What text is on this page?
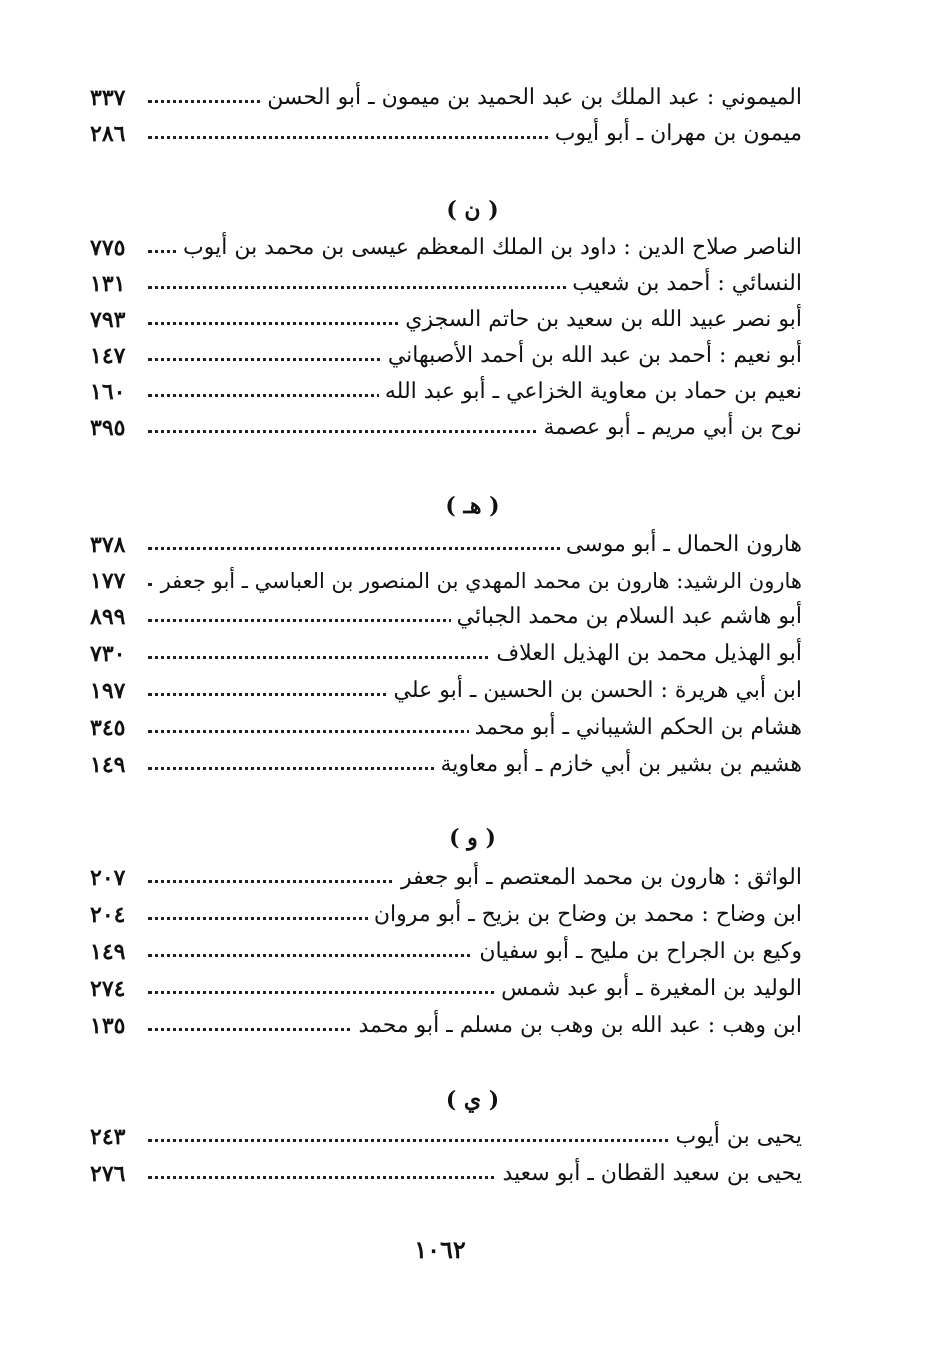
الميموني : عبد الملك بن عبد الحميد بن ميمون ـ أبو الحسن
٣٣٧
ميمون بن مهران ـ أبو أيوب
٢٨٦
( ن )
الناصر صلاح الدين : داود بن الملك المعظم عيسى بن محمد بن أيوب
٧٧٥
النسائي : أحمد بن شعيب
١٣١
أبو نصر عبيد الله بن سعيد بن حاتم السجزي
٧٩٣
أبو نعيم : أحمد بن عبد الله بن أحمد الأصبهاني
١٤٧
نعيم بن حماد بن معاوية الخزاعي ـ أبو عبد الله
١٦٠
نوح بن أبي مريم ـ أبو عصمة
٣٩٥
( هـ )
هارون الحمال ـ أبو موسى
٣٧٨
هارون الرشيد: هارون بن محمد المهدي بن المنصور بن العباسي ـ أبو جعفر
١٧٧
أبو هاشم عبد السلام بن محمد الجبائي
٨٩٩
أبو الهذيل محمد بن الهذيل العلاف
٧٣٠
ابن أبي هريرة : الحسن بن الحسين ـ أبو علي
١٩٧
هشام بن الحكم الشيباني ـ أبو محمد
٣٤٥
هشيم بن بشير بن أبي خازم ـ أبو معاوية
١٤٩
( و )
الواثق : هارون بن محمد المعتصم ـ أبو جعفر
٢٠٧
ابن وضاح : محمد بن وضاح بن بزيح ـ أبو مروان
٢٠٤
وكيع بن الجراح بن مليح ـ أبو سفيان
١٤٩
الوليد بن المغيرة ـ أبو عبد شمس
٢٧٤
ابن وهب : عبد الله بن وهب بن مسلم ـ أبو محمد
١٣٥
( ي )
يحيى بن أيوب
٢٤٣
يحيى بن سعيد القطان ـ أبو سعيد
٢٧٦
١٠٦٢
